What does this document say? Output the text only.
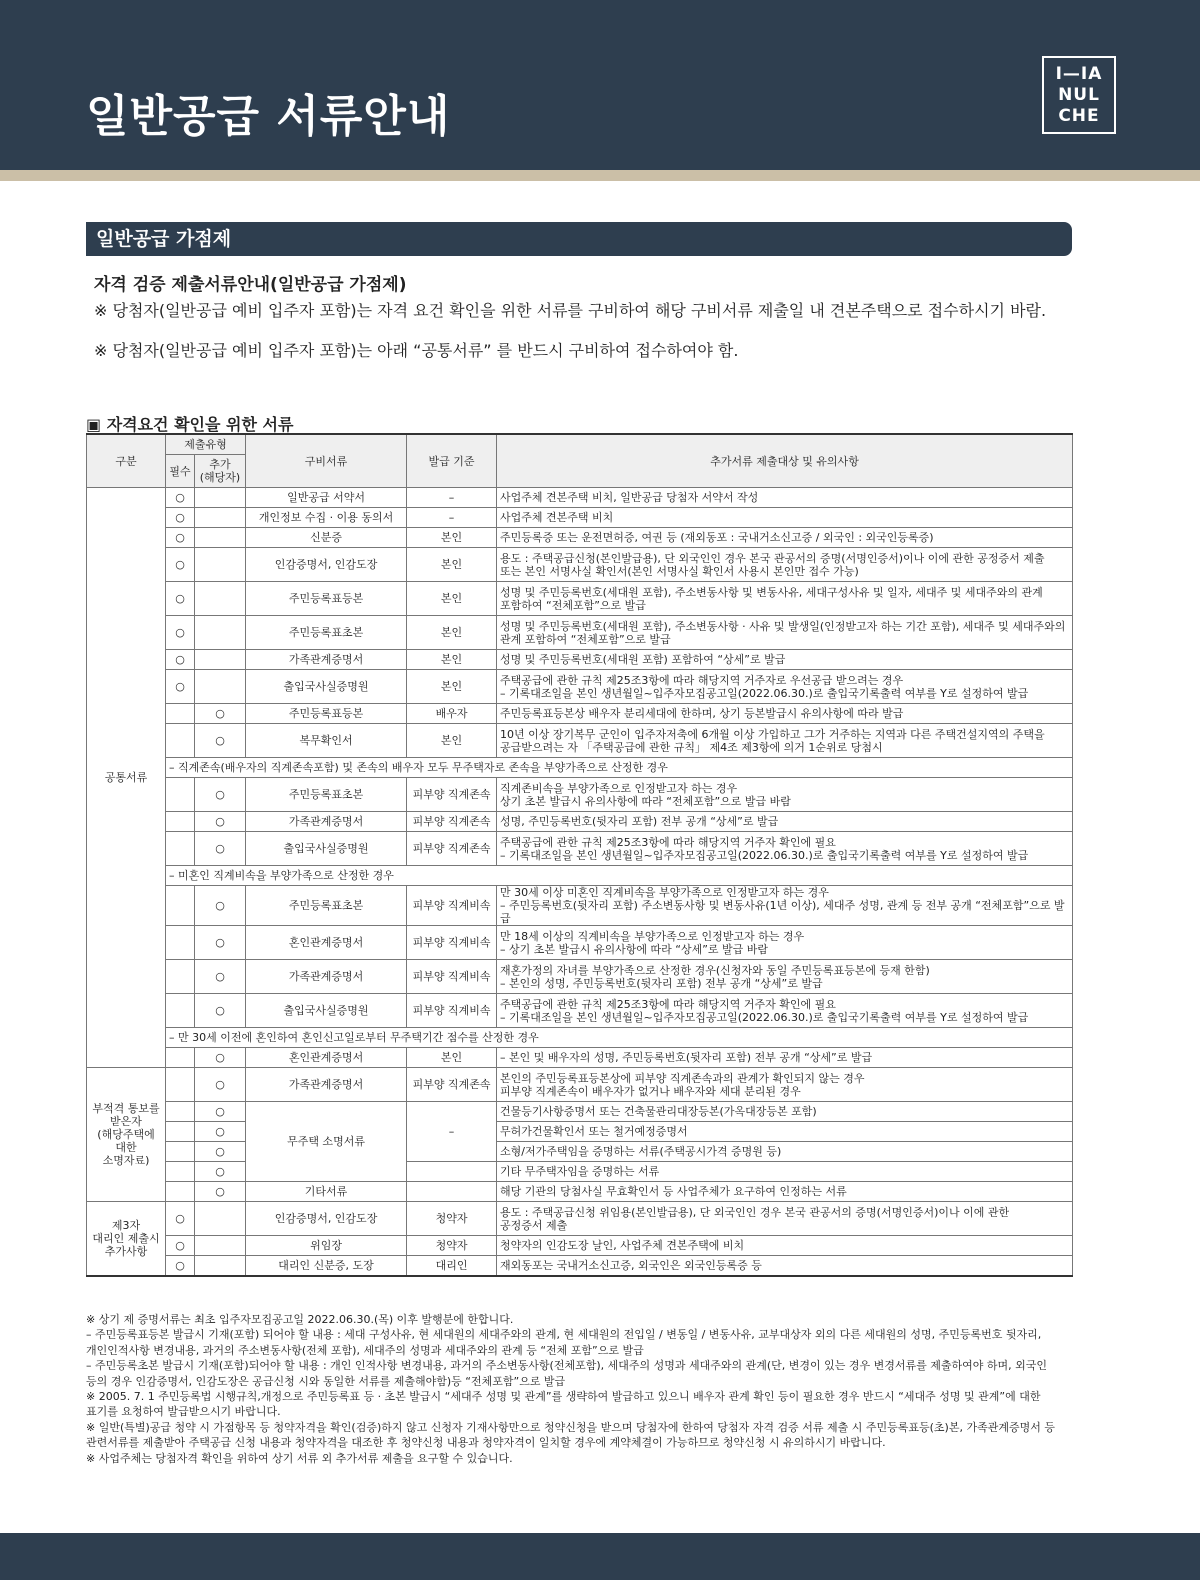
일반공급 서류안내
I—IA
NUL
CHE
일반공급 가점제
자격 검증 제출서류안내(일반공급 가점제)
※ 당첨자(일반공급 예비 입주자 포함)는 자격 요건 확인을 위한 서류를 구비하여 해당 구비서류 제출일 내 견본주택으로 접수하시기 바람.
※ 당첨자(일반공급 예비 입주자 포함)는 아래 “공통서류” 를 반드시 구비하여 접수하여야 함.
▣ 자격요건 확인을 위한 서류
구분	제출유형		구비서류	발급 기준	추가서류 제출대상 및 유의사항
	필수	추가
(해당자)			

공통서류	○		일반공급 서약서	–	사업주체 견본주택 비치, 일반공급 당첨자 서약서 작성

	○		개인정보 수집 · 이용 동의서	–	사업주체 견본주택 비치

	○		신분증	본인	주민등록증 또는 운전면허증, 여권 등 (재외동포 : 국내거소신고증 / 외국인 : 외국인등록증)

	○		인감증명서, 인감도장	본인	용도 : 주택공급신청(본인발급용), 단 외국인인 경우 본국 관공서의 증명(서명인증서)이나 이에 관한 공정증서 제출
또는 본인 서명사실 확인서(본인 서명사실 확인서 사용시 본인만 접수 가능)

	○		주민등록표등본	본인	성명 및 주민등록번호(세대원 포함), 주소변동사항 및 변동사유, 세대구성사유 및 일자, 세대주 및 세대주와의 관계
포함하여 “전체포함”으로 발급

	○		주민등록표초본	본인	성명 및 주민등록번호(세대원 포함), 주소변동사항 · 사유 및 발생일(인정받고자 하는 기간 포함), 세대주 및 세대주와의
관계 포함하여 “전체포함”으로 발급

	○		가족관계증명서	본인	성명 및 주민등록번호(세대원 포함) 포함하여 “상세”로 발급

	○		출입국사실증명원	본인	주택공급에 관한 규칙 제25조3항에 따라 해당지역 거주자로 우선공급 받으려는 경우
– 기록대조일을 본인 생년월일~입주자모집공고일(2022.06.30.)로 출입국기록출력 여부를 Y로 설정하여 발급

		○	주민등록표등본	배우자	주민등록표등본상 배우자 분리세대에 한하며, 상기 등본발급시 유의사항에 따라 발급

		○	복무확인서	본인	10년 이상 장기복무 군인이 입주자저축에 6개월 이상 가입하고 그가 거주하는 지역과 다른 주택건설지역의 주택을
공급받으려는 자 「주택공급에 관한 규칙」 제4조 제3항에 의거 1순위로 당첨시

	– 직계존속(배우자의 직계존속포함) 및 존속의 배우자 모두 무주택자로 존속을 부양가족으로 산정한 경우				

		○	주민등록표초본	피부양 직계존속	직계존비속을 부양가족으로 인정받고자 하는 경우
상기 초본 발급시 유의사항에 따라 “전체포함”으로 발급 바람

		○	가족관계증명서	피부양 직계존속	성명, 주민등록번호(뒷자리 포함) 전부 공개 “상세”로 발급

		○	출입국사실증명원	피부양 직계존속	주택공급에 관한 규칙 제25조3항에 따라 해당지역 거주자 확인에 필요
– 기록대조일을 본인 생년월일~입주자모집공고일(2022.06.30.)로 출입국기록출력 여부를 Y로 설정하여 발급

	– 미혼인 직계비속을 부양가족으로 산정한 경우				

		○	주민등록표초본	피부양 직계비속	만 30세 이상 미혼인 직계비속을 부양가족으로 인정받고자 하는 경우
– 주민등록번호(뒷자리 포함) 주소변동사항 및 변동사유(1년 이상), 세대주 성명, 관계 등 전부 공개 “전체포함”으로 발급

		○	혼인관계증명서	피부양 직계비속	만 18세 이상의 직계비속을 부양가족으로 인정받고자 하는 경우
– 상기 초본 발급시 유의사항에 따라 “상세”로 발급 바람

		○	가족관계증명서	피부양 직계비속	재혼가정의 자녀를 부양가족으로 산정한 경우(신청자와 동일 주민등록표등본에 등재 한함)
– 본인의 성명, 주민등록번호(뒷자리 포함) 전부 공개 “상세”로 발급

		○	출입국사실증명원	피부양 직계비속	주택공급에 관한 규칙 제25조3항에 따라 해당지역 거주자 확인에 필요
– 기록대조일을 본인 생년월일~입주자모집공고일(2022.06.30.)로 출입국기록출력 여부를 Y로 설정하여 발급

	– 만 30세 이전에 혼인하여 혼인신고일로부터 무주택기간 점수를 산정한 경우				

		○	혼인관계증명서	본인	– 본인 및 배우자의 성명, 주민등록번호(뒷자리 포함) 전부 공개 “상세”로 발급

부적격 통보를
받은자
(해당주택에
대한
소명자료)		○	가족관계증명서	피부양 직계존속	본인의 주민등록표등본상에 피부양 직계존속과의 관계가 확인되지 않는 경우
피부양 직계존속이 배우자가 없거나 배우자와 세대 분리된 경우

		○	무주택 소명서류	–	건물등기사항증명서 또는 건축물관리대장등본(가옥대장등본 포함)

		○			무허가건물확인서 또는 철거예정증명서

		○			소형/저가주택임을 증명하는 서류(주택공시가격 증명원 등)

		○			기타 무주택자임을 증명하는 서류

		○	기타서류		해당 기관의 당첨사실 무효확인서 등 사업주체가 요구하여 인정하는 서류

제3자
대리인 제출시
추가사항	○		인감증명서, 인감도장	청약자	용도 : 주택공급신청 위임용(본인발급용), 단 외국인인 경우 본국 관공서의 증명(서명인증서)이나 이에 관한
공정증서 제출

	○		위임장	청약자	청약자의 인감도장 날인, 사업주체 견본주택에 비치

	○		대리인 신분증, 도장	대리인	재외동포는 국내거소신고증, 외국인은 외국인등록증 등
※ 상기 제 증명서류는 최초 입주자모집공고일 2022.06.30.(목) 이후 발행분에 한합니다.
– 주민등록표등본 발급시 기재(포함) 되어야 할 내용 : 세대 구성사유, 현 세대원의 세대주와의 관계, 현 세대원의 전입일 / 변동일 / 변동사유, 교부대상자 외의 다른 세대원의 성명, 주민등록번호 뒷자리,
개인인적사항 변경내용, 과거의 주소변동사항(전체 포함), 세대주의 성명과 세대주와의 관계 등 “전체 포함”으로 발급
– 주민등록초본 발급시 기재(포함)되어야 할 내용 : 개인 인적사항 변경내용, 과거의 주소변동사항(전체포함), 세대주의 성명과 세대주와의 관계(단, 변경이 있는 경우 변경서류를 제출하여야 하며, 외국인
등의 경우 인감증명서, 인감도장은 공급신청 시와 동일한 서류를 제출해야함)등 “전체포함”으로 발급
※ 2005. 7. 1 주민등록법 시행규칙,개정으로 주민등록표 등 · 초본 발급시 “세대주 성명 및 관계”를 생략하여 발급하고 있으니 배우자 관계 확인 등이 필요한 경우 반드시 “세대주 성명 및 관계”에 대한
표기를 요청하여 발급받으시기 바랍니다.
※ 일반(특별)공급 청약 시 가점항목 등 청약자격을 확인(검증)하지 않고 신청자 기재사항만으로 청약신청을 받으며 당첨자에 한하여 당첨자 자격 검증 서류 제출 시 주민등록표등(초)본, 가족관계증명서 등
관련서류를 제출받아 주택공급 신청 내용과 청약자격을 대조한 후 청약신청 내용과 청약자격이 일치할 경우에 계약체결이 가능하므로 청약신청 시 유의하시기 바랍니다.
※ 사업주체는 당첨자격 확인을 위하여 상기 서류 외 추가서류 제출을 요구할 수 있습니다.
